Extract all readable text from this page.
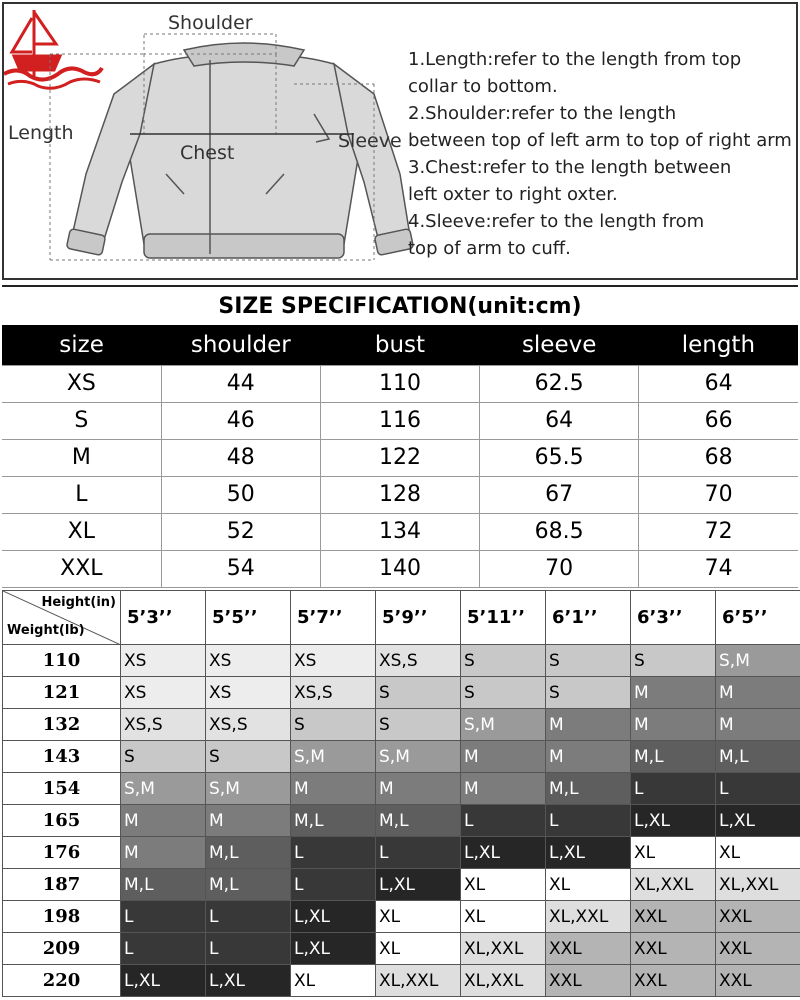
Shoulder
Length
Chest
Sleeve

1.Length:refer to the length from top

collar to bottom.

2.Shoulder:refer to the length

between top of left arm to top of right arm

3.Chest:refer to the length between

left oxter to right oxter.

4.Sleeve:refer to the length from

top of arm to cuff.

SIZE SPECIFICATION(unit:cm)
size	shoulder	bust	sleeve	length
XS	44	110	62.5	64
S	46	116	64	66
M	48	122	65.5	68
L	50	128	67	70
XL	52	134	68.5	72
XXL	54	140	70	74
Height(in)
Weight(lb)	5’3’’	5’5’’	5’7’’	5’9’’	5’11’’	6’1’’	6’3’’	6’5’’
110	XS	XS	XS	XS,S	S	S	S	S,M
121	XS	XS	XS,S	S	S	S	M	M
132	XS,S	XS,S	S	S	S,M	M	M	M
143	S	S	S,M	S,M	M	M	M,L	M,L
154	S,M	S,M	M	M	M	M,L	L	L
165	M	M	M,L	M,L	L	L	L,XL	L,XL
176	M	M,L	L	L	L,XL	L,XL	XL	XL
187	M,L	M,L	L	L,XL	XL	XL	XL,XXL	XL,XXL
198	L	L	L,XL	XL	XL	XL,XXL	XXL	XXL
209	L	L	L,XL	XL	XL,XXL	XXL	XXL	XXL
220	L,XL	L,XL	XL	XL,XXL	XL,XXL	XXL	XXL	XXL
